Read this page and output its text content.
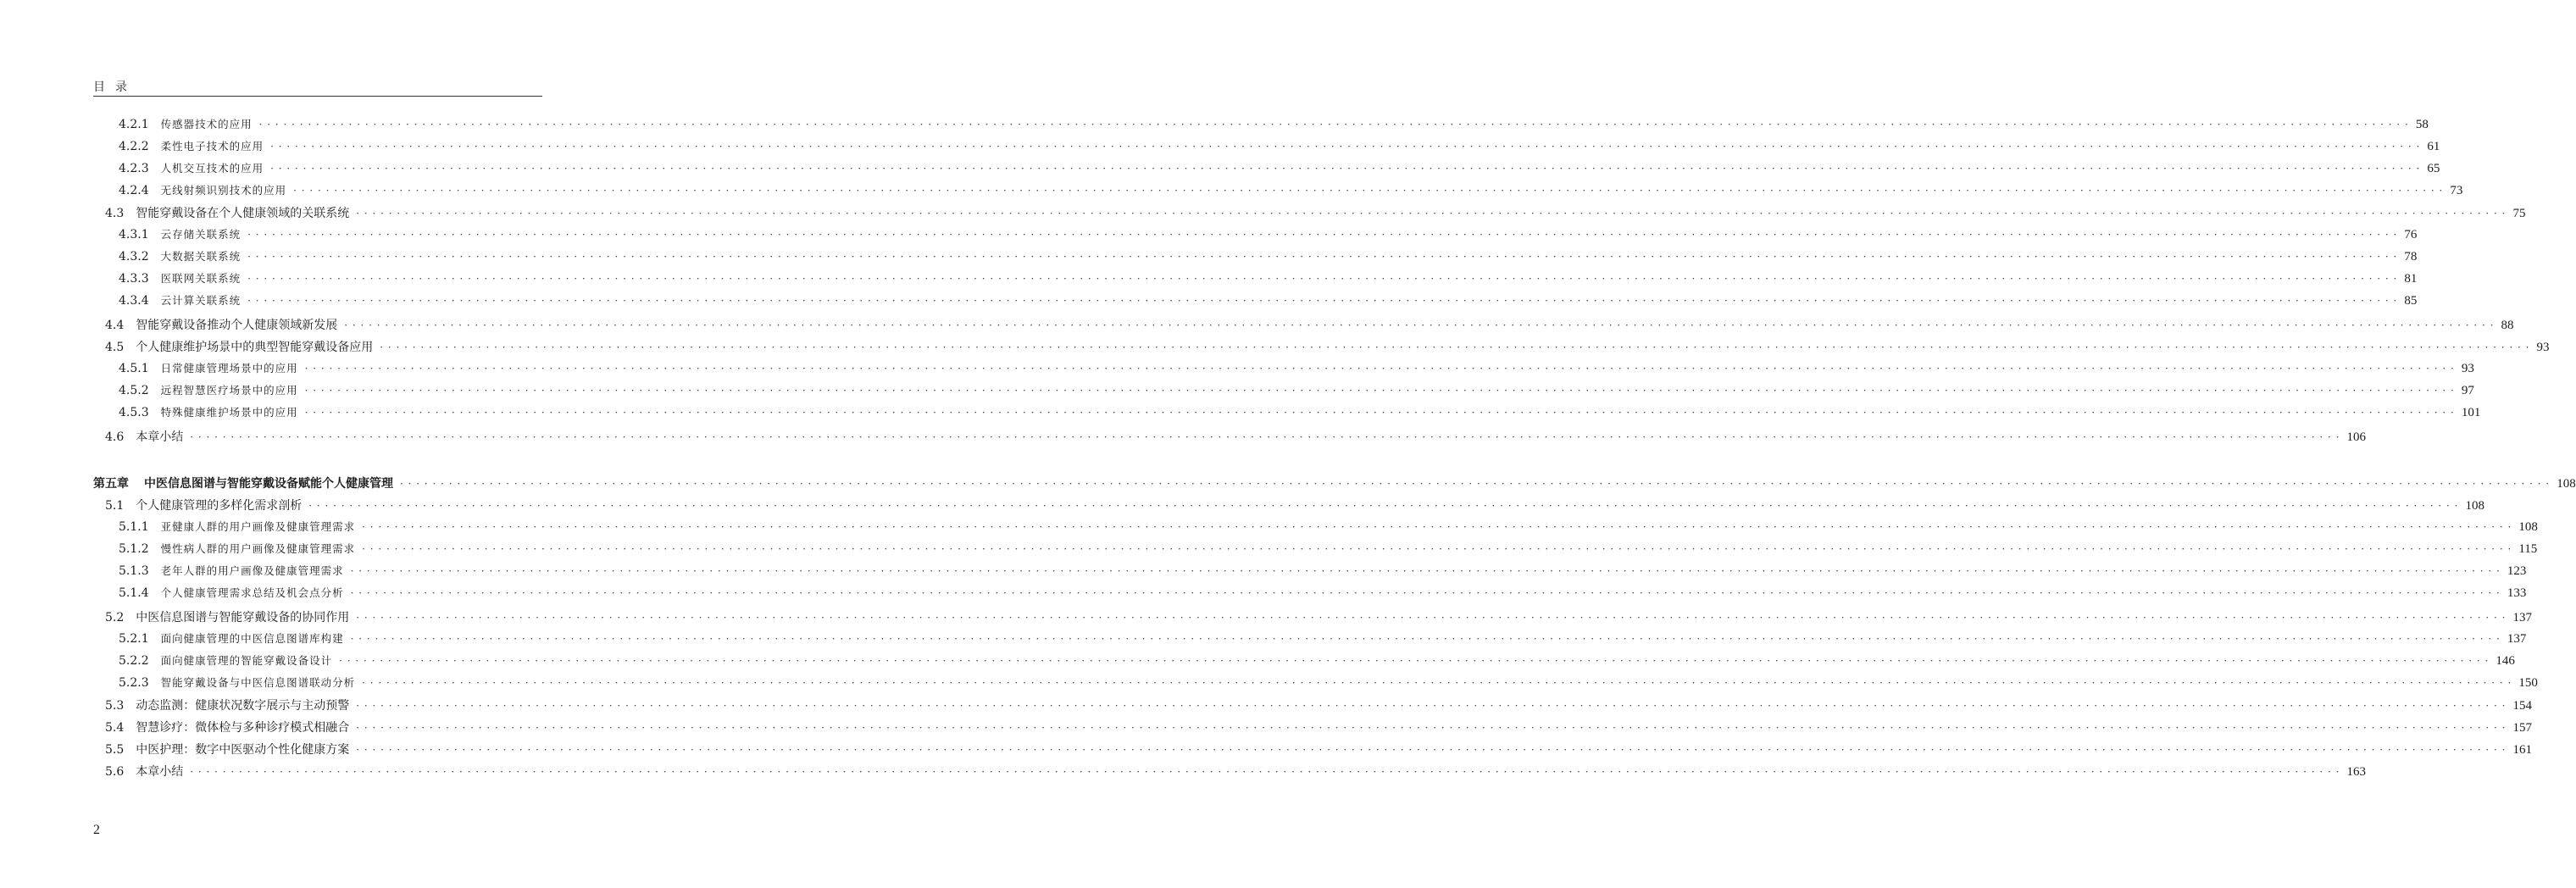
目录
4.2.1 传感器技术的应用 · · ·	58
4.2.2 柔性电子技术的应用 · · ·	61
4.2.3 人机交互技术的应用 · · ·	65
4.2.4 无线射频识别技术的应用 · · ·	73
4.3 智能穿戴设备在个人健康领域的关联系统 · · ·	75
4.3.1 云存储关联系统 · · ·	76
4.3.2 大数据关联系统 · · ·	78
4.3.3 医联网关联系统 · · ·	81
4.3.4 云计算关联系统 · · ·	85
4.4 智能穿戴设备推动个人健康领域新发展 · · ·	88
4.5 个人健康维护场景中的典型智能穿戴设备应用 · · ·	93
4.5.1 日常健康管理场景中的应用 · · ·	93
4.5.2 远程智慧医疗场景中的应用 · · ·	97
4.5.3 特殊健康维护场景中的应用 · · ·	101
4.6 本章小结 · · ·	106
第五章 中医信息图谱与智能穿戴设备赋能个人健康管理 · · ·	108
5.1 个人健康管理的多样化需求剖析 · · ·	108
5.1.1 亚健康人群的用户画像及健康管理需求 · · ·	108
5.1.2 慢性病人群的用户画像及健康管理需求 · · ·	115
5.1.3 老年人群的用户画像及健康管理需求 · · ·	123
5.1.4 个人健康管理需求总结及机会点分析 · · ·	133
5.2 中医信息图谱与智能穿戴设备的协同作用 · · ·	137
5.2.1 面向健康管理的中医信息图谱库构建 · · ·	137
5.2.2 面向健康管理的智能穿戴设备设计 · · ·	146
5.2.3 智能穿戴设备与中医信息图谱联动分析 · · ·	150
5.3 动态监测：健康状况数字展示与主动预警 · · ·	154
5.4 智慧诊疗：微体检与多种诊疗模式相融合 · · ·	157
5.5 中医护理：数字中医驱动个性化健康方案 · · ·	161
5.6 本章小结 · · ·	163
2
